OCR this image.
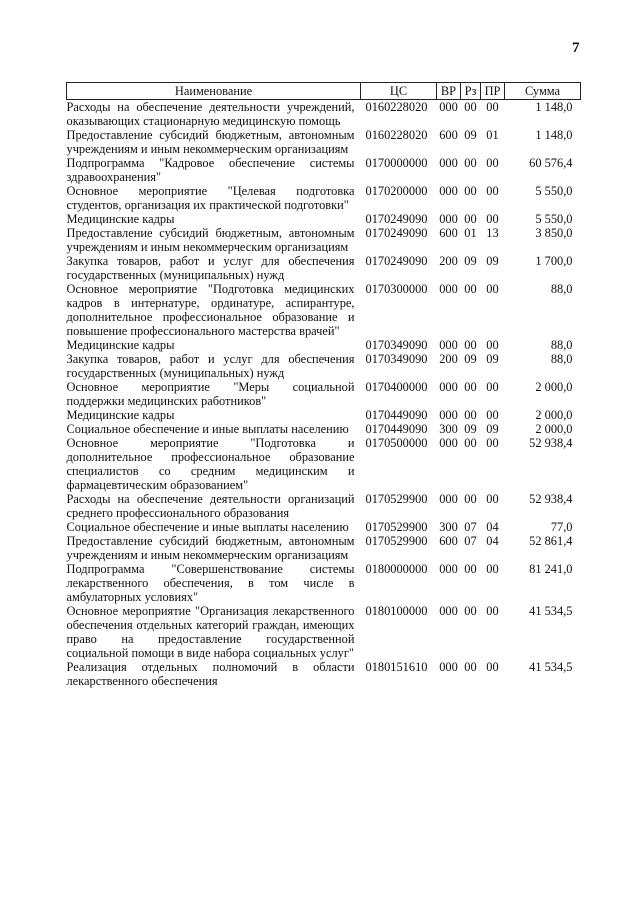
7
Наименование	ЦС	ВР	Рз	ПР	Сумма
Расходы на обеспечение деятельности учреждений, оказывающих стационарную медицинскую помощь	0160228020	000	00	00	1 148,0
Предоставление субсидий бюджетным, автономным учреждениям и иным некоммерческим организациям	0160228020	600	09	01	1 148,0
Подпрограмма "Кадровое обеспечение системы здравоохранения"	0170000000	000	00	00	60 576,4
Основное мероприятие "Целевая подготовка студентов, организация их практической подготовки"	0170200000	000	00	00	5 550,0
Медицинские кадры	0170249090	000	00	00	5 550,0
Предоставление субсидий бюджетным, автономным учреждениям и иным некоммерческим организациям	0170249090	600	01	13	3 850,0
Закупка товаров, работ и услуг для обеспечения государственных (муниципальных) нужд	0170249090	200	09	09	1 700,0
Основное мероприятие "Подготовка медицинских кадров в интернатуре, ординатуре, аспирантуре, дополнительное профессиональное образование и повышение профессионального мастерства врачей"	0170300000	000	00	00	88,0
Медицинские кадры	0170349090	000	00	00	88,0
Закупка товаров, работ и услуг для обеспечения государственных (муниципальных) нужд	0170349090	200	09	09	88,0
Основное мероприятие "Меры социальной поддержки медицинских работников"	0170400000	000	00	00	2 000,0
Медицинские кадры	0170449090	000	00	00	2 000,0
Социальное обеспечение и иные выплаты населению	0170449090	300	09	09	2 000,0
Основное мероприятие "Подготовка и дополнительное профессиональное образование специалистов со средним медицинским и фармацевтическим образованием"	0170500000	000	00	00	52 938,4
Расходы на обеспечение деятельности организаций среднего профессионального образования	0170529900	000	00	00	52 938,4
Социальное обеспечение и иные выплаты населению	0170529900	300	07	04	77,0
Предоставление субсидий бюджетным, автономным учреждениям и иным некоммерческим организациям	0170529900	600	07	04	52 861,4
Подпрограмма "Совершенствование системы лекарственного обеспечения, в том числе в амбулаторных условиях"	0180000000	000	00	00	81 241,0
Основное мероприятие "Организация лекарственного обеспечения отдельных категорий граждан, имеющих право на предоставление государственной социальной помощи в виде набора социальных услуг"	0180100000	000	00	00	41 534,5
Реализация отдельных полномочий в области лекарственного обеспечения	0180151610	000	00	00	41 534,5
